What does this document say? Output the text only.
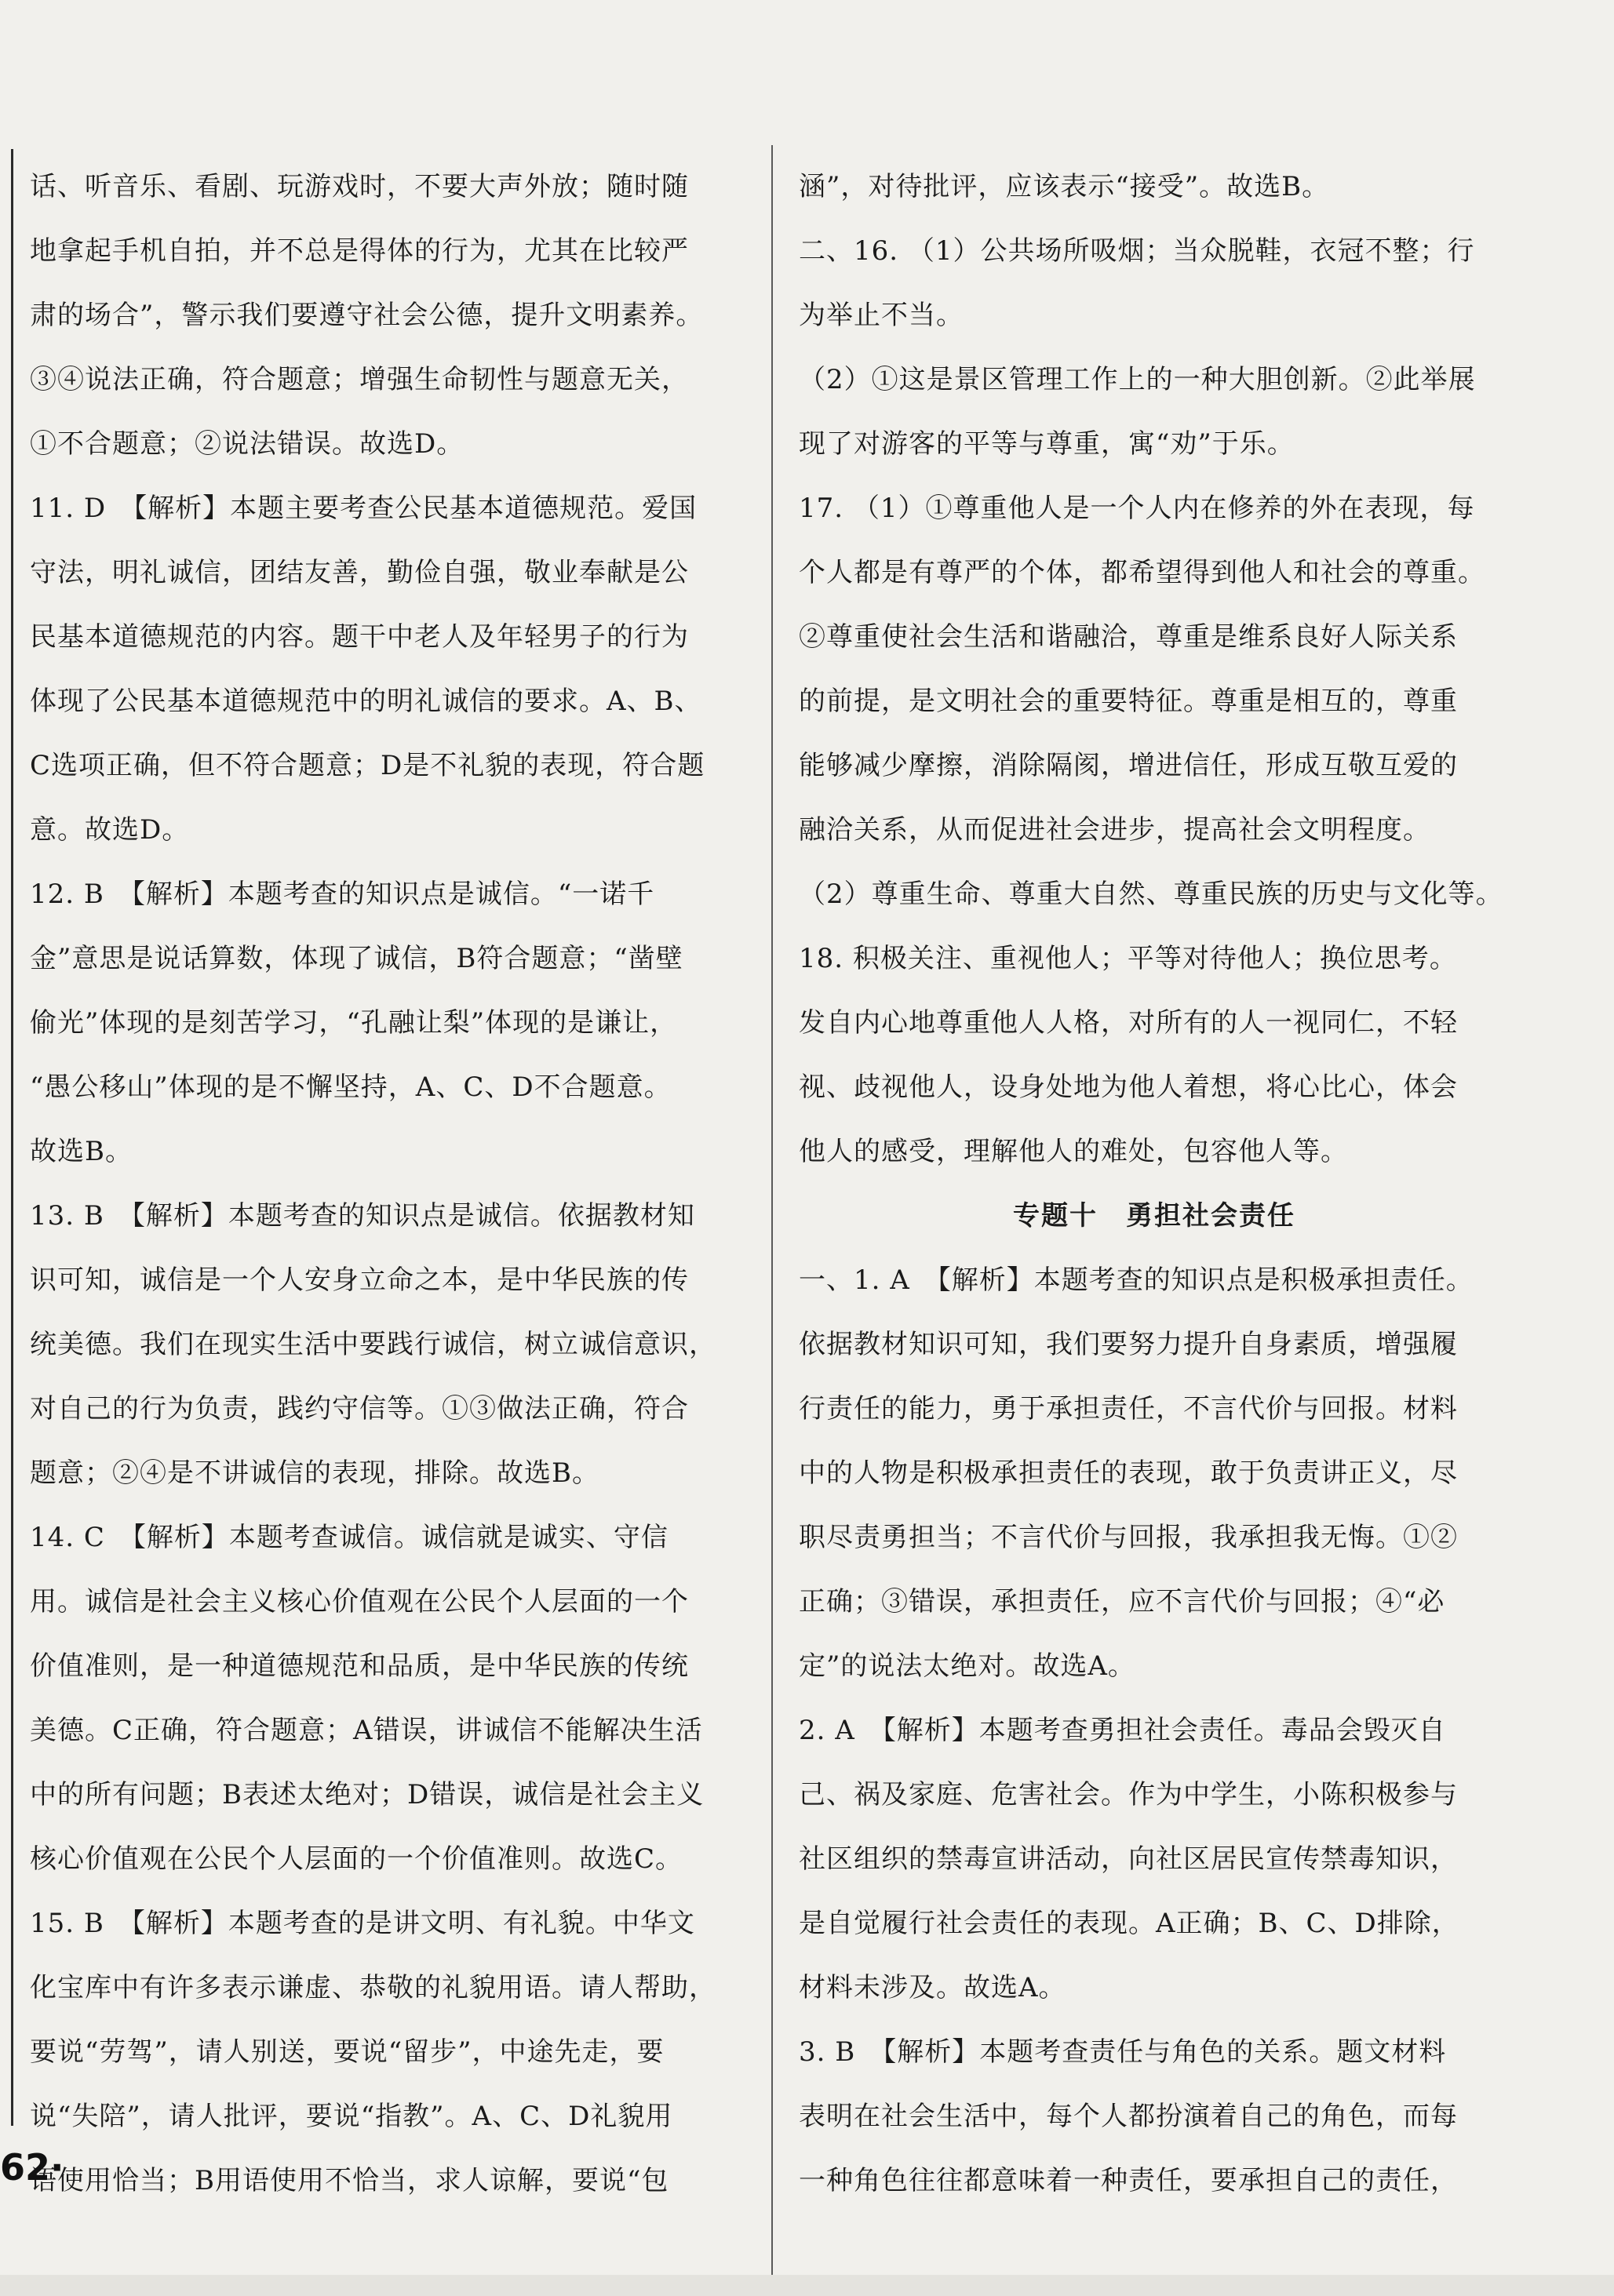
话、听音乐、看剧、玩游戏时，不要大声外放；随时随
地拿起手机自拍，并不总是得体的行为，尤其在比较严
肃的场合”，警示我们要遵守社会公德，提升文明素养。
③④说法正确，符合题意；增强生命韧性与题意无关，
①不合题意；②说法错误。故选D。
11. D　【解析】本题主要考查公民基本道德规范。爱国
守法，明礼诚信，团结友善，勤俭自强，敬业奉献是公
民基本道德规范的内容。题干中老人及年轻男子的行为
体现了公民基本道德规范中的明礼诚信的要求。A、B、
C选项正确，但不符合题意；D是不礼貌的表现，符合题
意。故选D。
12. B　【解析】本题考查的知识点是诚信。“一诺千
金”意思是说话算数，体现了诚信，B符合题意；“凿壁
偷光”体现的是刻苦学习，“孔融让梨”体现的是谦让，
“愚公移山”体现的是不懈坚持，A、C、D不合题意。
故选B。
13. B　【解析】本题考查的知识点是诚信。依据教材知
识可知，诚信是一个人安身立命之本，是中华民族的传
统美德。我们在现实生活中要践行诚信，树立诚信意识，
对自己的行为负责，践约守信等。①③做法正确，符合
题意；②④是不讲诚信的表现，排除。故选B。
14. C　【解析】本题考查诚信。诚信就是诚实、守信
用。诚信是社会主义核心价值观在公民个人层面的一个
价值准则，是一种道德规范和品质，是中华民族的传统
美德。C正确，符合题意；A错误，讲诚信不能解决生活
中的所有问题；B表述太绝对；D错误，诚信是社会主义
核心价值观在公民个人层面的一个价值准则。故选C。
15. B　【解析】本题考查的是讲文明、有礼貌。中华文
化宝库中有许多表示谦虚、恭敬的礼貌用语。请人帮助，
要说“劳驾”，请人别送，要说“留步”，中途先走，要
说“失陪”，请人批评，要说“指教”。A、C、D礼貌用
语使用恰当；B用语使用不恰当，求人谅解，要说“包
涵”，对待批评，应该表示“接受”。故选B。
二、16. （1）公共场所吸烟；当众脱鞋，衣冠不整；行
为举止不当。
（2）①这是景区管理工作上的一种大胆创新。②此举展
现了对游客的平等与尊重，寓“劝”于乐。
17. （1）①尊重他人是一个人内在修养的外在表现，每
个人都是有尊严的个体，都希望得到他人和社会的尊重。
②尊重使社会生活和谐融洽，尊重是维系良好人际关系
的前提，是文明社会的重要特征。尊重是相互的，尊重
能够减少摩擦，消除隔阂，增进信任，形成互敬互爱的
融洽关系，从而促进社会进步，提高社会文明程度。
（2）尊重生命、尊重大自然、尊重民族的历史与文化等。
18. 积极关注、重视他人；平等对待他人；换位思考。
发自内心地尊重他人人格，对所有的人一视同仁，不轻
视、歧视他人，设身处地为他人着想，将心比心，体会
他人的感受，理解他人的难处，包容他人等。
专题十　勇担社会责任
一、1. A　【解析】本题考查的知识点是积极承担责任。
依据教材知识可知，我们要努力提升自身素质，增强履
行责任的能力，勇于承担责任，不言代价与回报。材料
中的人物是积极承担责任的表现，敢于负责讲正义，尽
职尽责勇担当；不言代价与回报，我承担我无悔。①②
正确；③错误，承担责任，应不言代价与回报；④“必
定”的说法太绝对。故选A。
2. A　【解析】本题考查勇担社会责任。毒品会毁灭自
己、祸及家庭、危害社会。作为中学生，小陈积极参与
社区组织的禁毒宣讲活动，向社区居民宣传禁毒知识，
是自觉履行社会责任的表现。A正确；B、C、D排除，
材料未涉及。故选A。
3. B　【解析】本题考查责任与角色的关系。题文材料
表明在社会生活中，每个人都扮演着自己的角色，而每
一种角色往往都意味着一种责任，要承担自己的责任，
62·
